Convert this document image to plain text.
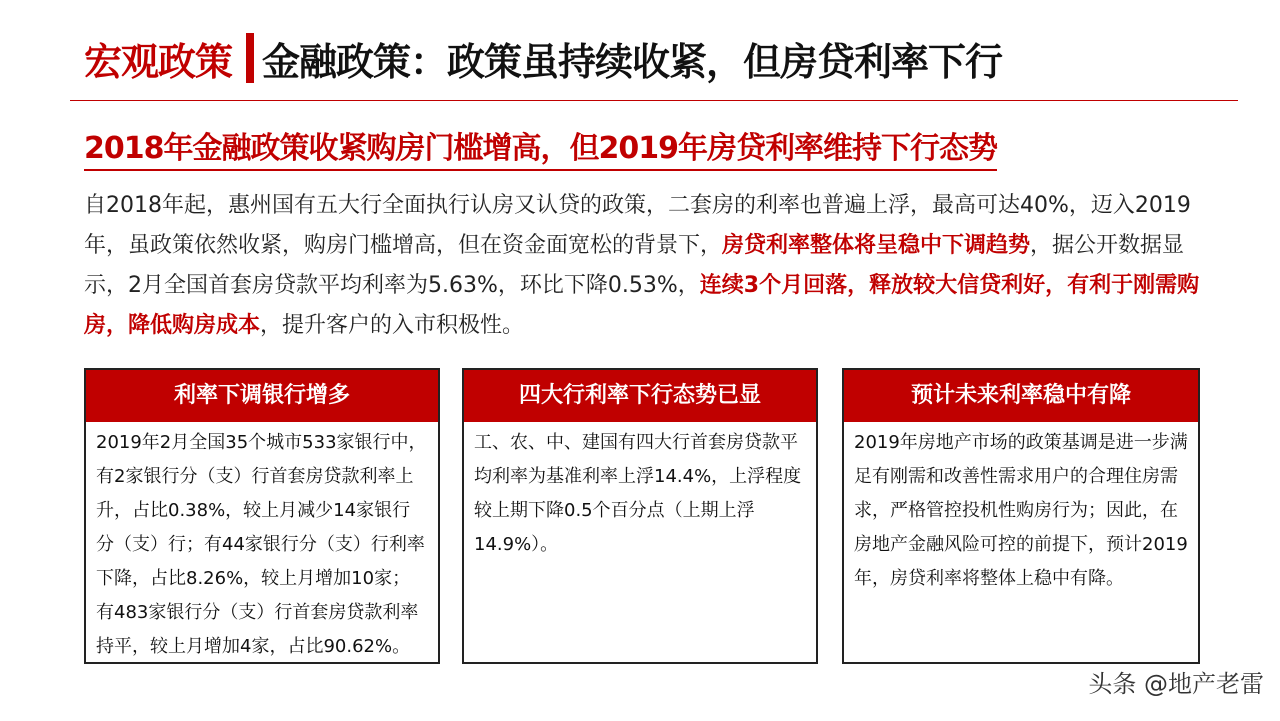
宏观政策 金融政策：政策虽持续收紧，但房贷利率下行
2018年金融政策收紧购房门槛增高，但2019年房贷利率维持下行态势
自2018年起，惠州国有五大行全面执行认房又认贷的政策，二套房的利率也普遍上浮，最高可达40%，迈入2019年，虽政策依然收紧，购房门槛增高，但在资金面宽松的背景下，房贷利率整体将呈稳中下调趋势，据公开数据显示，2月全国首套房贷款平均利率为5.63%，环比下降0.53%，连续3个月回落，释放较大信贷利好，有利于刚需购房，降低购房成本，提升客户的入市积极性。
利率下调银行增多
2019年2月全国35个城市533家银行中，有2家银行分（支）行首套房贷款利率上升，占比0.38%，较上月减少14家银行分（支）行；有44家银行分（支）行利率下降，占比8.26%，较上月增加10家；有483家银行分（支）行首套房贷款利率持平，较上月增加4家，占比90.62%。
四大行利率下行态势已显
工、农、中、建国有四大行首套房贷款平均利率为基准利率上浮14.4%，上浮程度较上期下降0.5个百分点（上期上浮14.9%）。
预计未来利率稳中有降
2019年房地产市场的政策基调是进一步满足有刚需和改善性需求用户的合理住房需求，严格管控投机性购房行为；因此，在房地产金融风险可控的前提下，预计2019年，房贷利率将整体上稳中有降。
头条 @地产老雷
